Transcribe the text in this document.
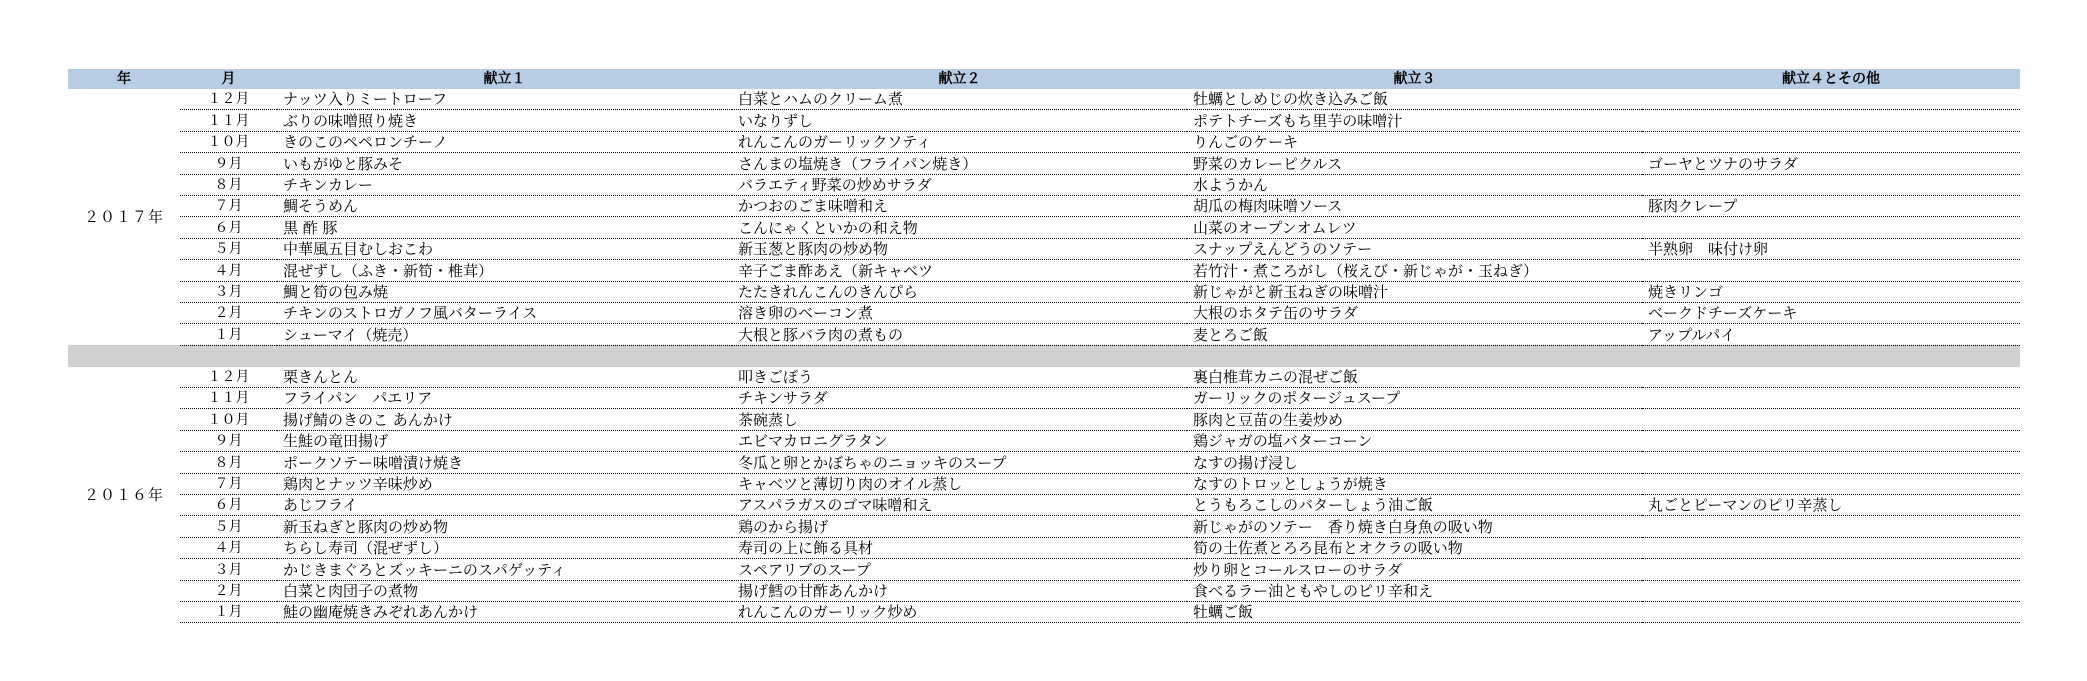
年	月	献立１	献立２	献立３	献立４とその他
２０１７年	１２月	ナッツ入りミートローフ	白菜とハムのクリーム煮	牡蠣としめじの炊き込みご飯	
	１１月	ぶりの味噌照り焼き	いなりずし	ポテトチーズもち里芋の味噌汁	
	１０月	きのこのペペロンチーノ	れんこんのガーリックソティ	りんごのケーキ	
	９月	いもがゆと豚みそ	さんまの塩焼き（フライパン焼き）	野菜のカレーピクルス	ゴーヤとツナのサラダ
	８月	チキンカレー	バラエティ野菜の炒めサラダ	水ようかん	
	７月	鯛そうめん	かつおのごま味噌和え	胡瓜の梅肉味噌ソース	豚肉クレープ
	６月	黒 酢 豚	こんにゃくといかの和え物	山菜のオープンオムレツ	
	５月	中華風五目むしおこわ	新玉葱と豚肉の炒め物	スナップえんどうのソテー	半熟卵　味付け卵
	４月	混ぜずし（ふき・新筍・椎茸）	辛子ごま酢あえ（新キャベツ	若竹汁・煮ころがし（桜えび・新じゃが・玉ねぎ）	
	３月	鯛と筍の包み焼	たたきれんこんのきんぴら	新じゃがと新玉ねぎの味噌汁	焼きリンゴ
	２月	チキンのストロガノフ風バターライス	溶き卵のベーコン煮	大根のホタテ缶のサラダ	ベークドチーズケーキ
	１月	シューマイ（焼売）	大根と豚バラ肉の煮もの	麦とろご飯	アップルパイ

２０１６年	１２月	栗きんとん	叩きごぼう	裏白椎茸カニの混ぜご飯	
	１１月	フライパン　パエリア	チキンサラダ	ガーリックのポタージュスープ	
	１０月	揚げ鯖のきのこ あんかけ	茶碗蒸し	豚肉と豆苗の生姜炒め	
	９月	生鮭の竜田揚げ	エビマカロニグラタン	鶏ジャガの塩バターコーン	
	８月	ポークソテー味噌漬け焼き	冬瓜と卵とかぼちゃのニョッキのスープ	なすの揚げ浸し	
	７月	鶏肉とナッツ辛味炒め	キャベツと薄切り肉のオイル蒸し	なすのトロッとしょうが焼き	
	６月	あじフライ	アスパラガスのゴマ味噌和え	とうもろこしのバターしょう油ご飯	丸ごとピーマンのピリ辛蒸し
	５月	新玉ねぎと豚肉の炒め物	鶏のから揚げ	新じゃがのソテー　香り焼き白身魚の吸い物	
	４月	ちらし寿司（混ぜずし）	寿司の上に飾る具材	筍の土佐煮とろろ昆布とオクラの吸い物	
	３月	かじきまぐろとズッキーニのスパゲッティ	スペアリブのスープ	炒り卵とコールスローのサラダ	
	２月	白菜と肉団子の煮物	揚げ鱈の甘酢あんかけ	食べるラー油ともやしのピリ辛和え	
	１月	鮭の幽庵焼きみぞれあんかけ	れんこんのガーリック炒め	牡蠣ご飯	
